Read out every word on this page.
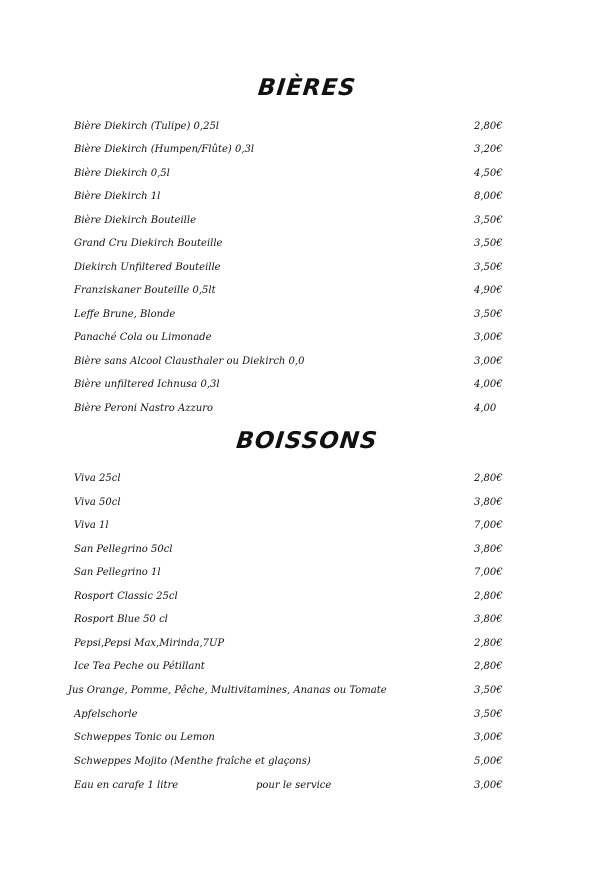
BIÈRES
Bière Diekirch (Tulipe) 0,25l	2,80€
Bière Diekirch (Humpen/Flûte) 0,3l	3,20€
Bière Diekirch 0,5l	4,50€
Bière Diekirch 1l	8,00€
Bière Diekirch Bouteille	3,50€
Grand Cru Diekirch Bouteille	3,50€
Diekirch Unfiltered Bouteille	3,50€
Franziskaner Bouteille 0,5lt	4,90€
Leffe Brune, Blonde	3,50€
Panaché Cola ou Limonade	3,00€
Bière sans Alcool Clausthaler ou Diekirch 0,0	3,00€
Bière unfiltered Ichnusa 0,3l	4,00€
Bière Peroni Nastro Azzuro	4,00
BOISSONS
Viva 25cl	2,80€
Viva 50cl	3,80€
Viva 1l	7,00€
San Pellegrino 50cl	3,80€
San Pellegrino 1l	7,00€
Rosport Classic 25cl	2,80€
Rosport Blue 50 cl	3,80€
Pepsi,Pepsi Max,Mirinda,7UP	2,80€
Ice Tea Peche ou Pétillant	2,80€
Jus Orange, Pomme, Pêche, Multivitamines, Ananas ou Tomate	3,50€
Apfelschorle	3,50€
Schweppes Tonic ou Lemon	3,00€
Schweppes Mojito (Menthe fraîche et glaçons)	5,00€
Eau en carafe 1 litre	pour le service	3,00€
